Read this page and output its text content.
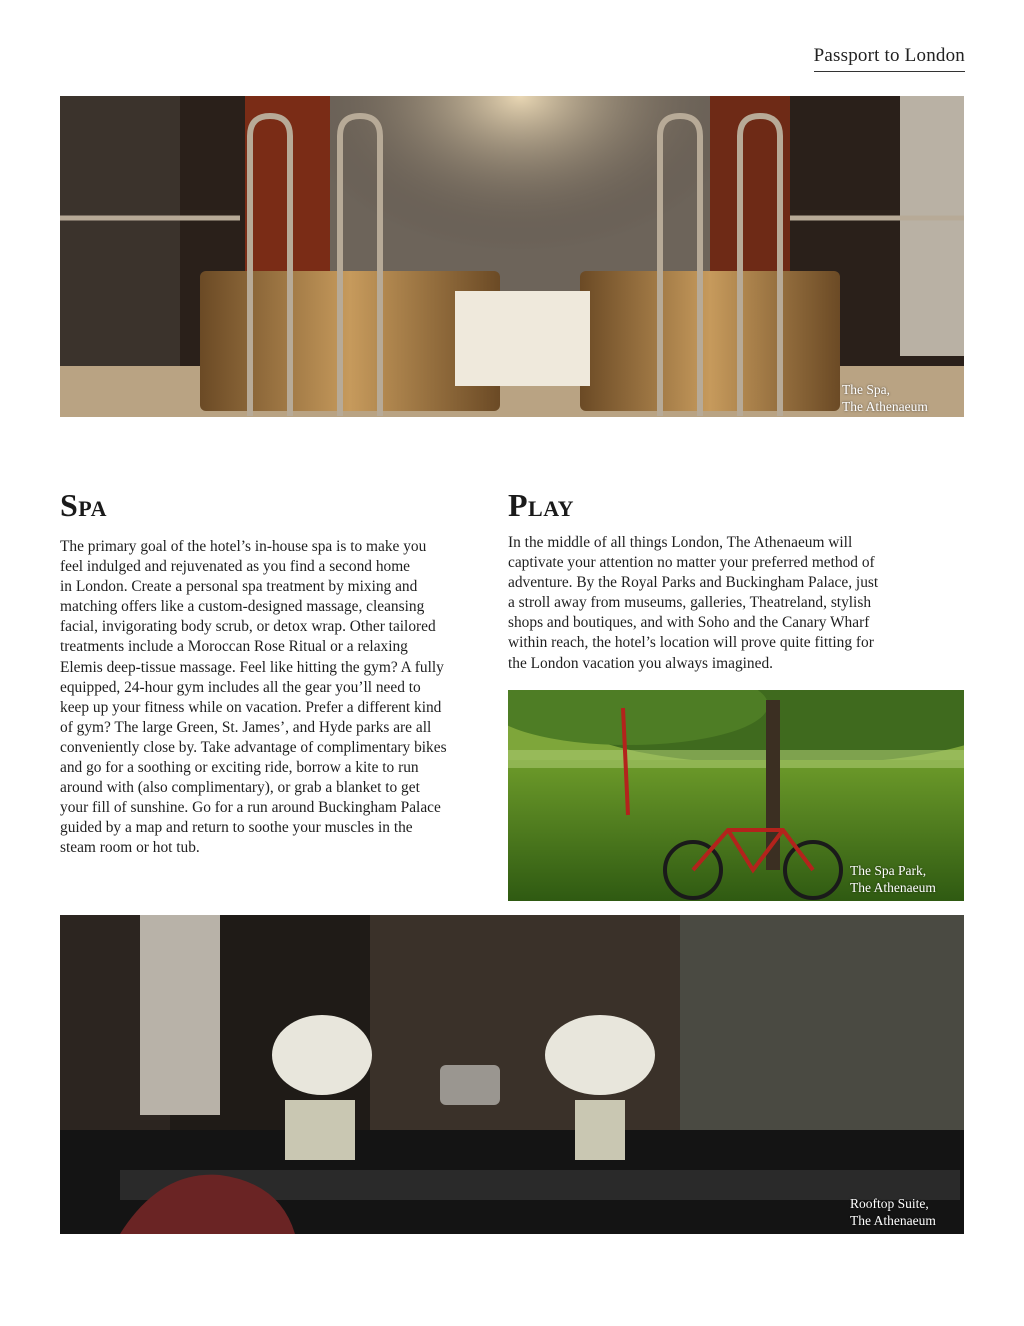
Passport to London
The Spa,
The Athenaeum
Spa
The primary goal of the hotel’s in-house spa is to make you
feel indulged and rejuvenated as you find a second home
in London. Create a personal spa treatment by mixing and
matching offers like a custom-designed massage, cleansing
facial, invigorating body scrub, or detox wrap. Other tailored
treatments include a Moroccan Rose Ritual or a relaxing
Elemis deep-tissue massage. Feel like hitting the gym? A fully
equipped, 24-hour gym includes all the gear you’ll need to
keep up your fitness while on vacation. Prefer a different kind
of gym? The large Green, St. James’, and Hyde parks are all
conveniently close by. Take advantage of complimentary bikes
and go for a soothing or exciting ride, borrow a kite to run
around with (also complimentary), or grab a blanket to get
your fill of sunshine. Go for a run around Buckingham Palace
guided by a map and return to soothe your muscles in the
steam room or hot tub.
Play
In the middle of all things London, The Athenaeum will
captivate your attention no matter your preferred method of
adventure. By the Royal Parks and Buckingham Palace, just
a stroll away from museums, galleries, Theatreland, stylish
shops and boutiques, and with Soho and the Canary Wharf
within reach, the hotel’s location will prove quite fitting for
the London vacation you always imagined.
The Spa Park,
The Athenaeum
Rooftop Suite,
The Athenaeum
